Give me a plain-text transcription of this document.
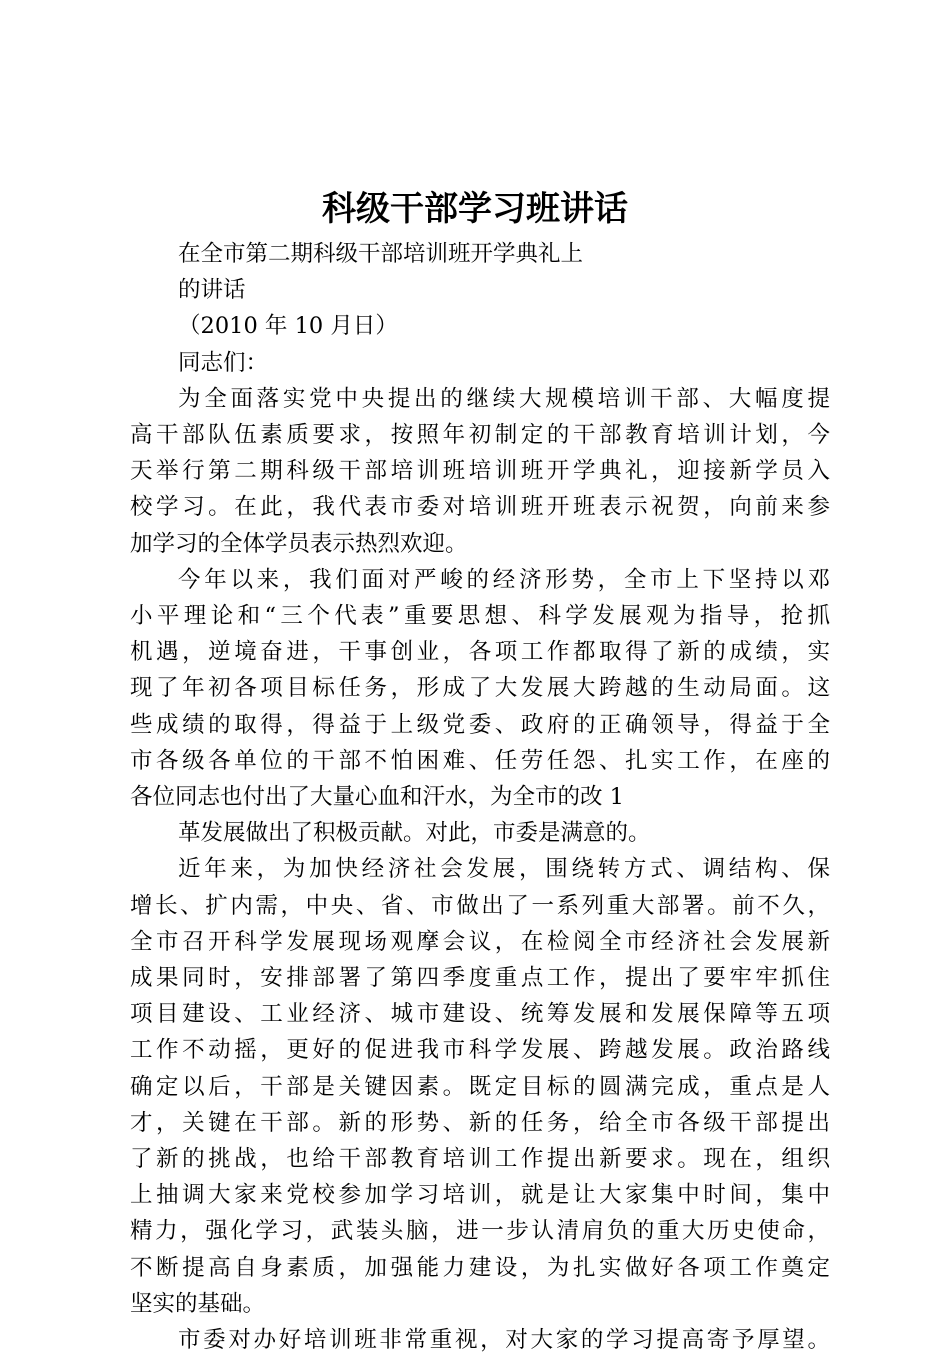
科级干部学习班讲话
在全市第二期科级干部培训班开学典礼上
的讲话
（2010 年 10 月日）
同志们：
为全面落实党中央提出的继续大规模培训干部、大幅度提
高干部队伍素质要求，按照年初制定的干部教育培训计划，今
天举行第二期科级干部培训班培训班开学典礼，迎接新学员入
校学习。在此，我代表市委对培训班开班表示祝贺，向前来参
加学习的全体学员表示热烈欢迎。
今年以来，我们面对严峻的经济形势，全市上下坚持以邓
小平理论和“三个代表”重要思想、科学发展观为指导，抢抓
机遇，逆境奋进，干事创业，各项工作都取得了新的成绩，实
现了年初各项目标任务，形成了大发展大跨越的生动局面。这
些成绩的取得，得益于上级党委、政府的正确领导，得益于全
市各级各单位的干部不怕困难、任劳任怨、扎实工作，在座的
各位同志也付出了大量心血和汗水，为全市的改 1
革发展做出了积极贡献。对此，市委是满意的。
近年来，为加快经济社会发展，围绕转方式、调结构、保
增长、扩内需，中央、省、市做出了一系列重大部署。前不久，
全市召开科学发展现场观摩会议，在检阅全市经济社会发展新
成果同时，安排部署了第四季度重点工作，提出了要牢牢抓住
项目建设、工业经济、城市建设、统筹发展和发展保障等五项
工作不动摇，更好的促进我市科学发展、跨越发展。政治路线
确定以后，干部是关键因素。既定目标的圆满完成，重点是人
才，关键在干部。新的形势、新的任务，给全市各级干部提出
了新的挑战，也给干部教育培训工作提出新要求。现在，组织
上抽调大家来党校参加学习培训，就是让大家集中时间，集中
精力，强化学习，武装头脑，进一步认清肩负的重大历史使命，
不断提高自身素质，加强能力建设，为扎实做好各项工作奠定
坚实的基础。
市委对办好培训班非常重视，对大家的学习提高寄予厚望。
